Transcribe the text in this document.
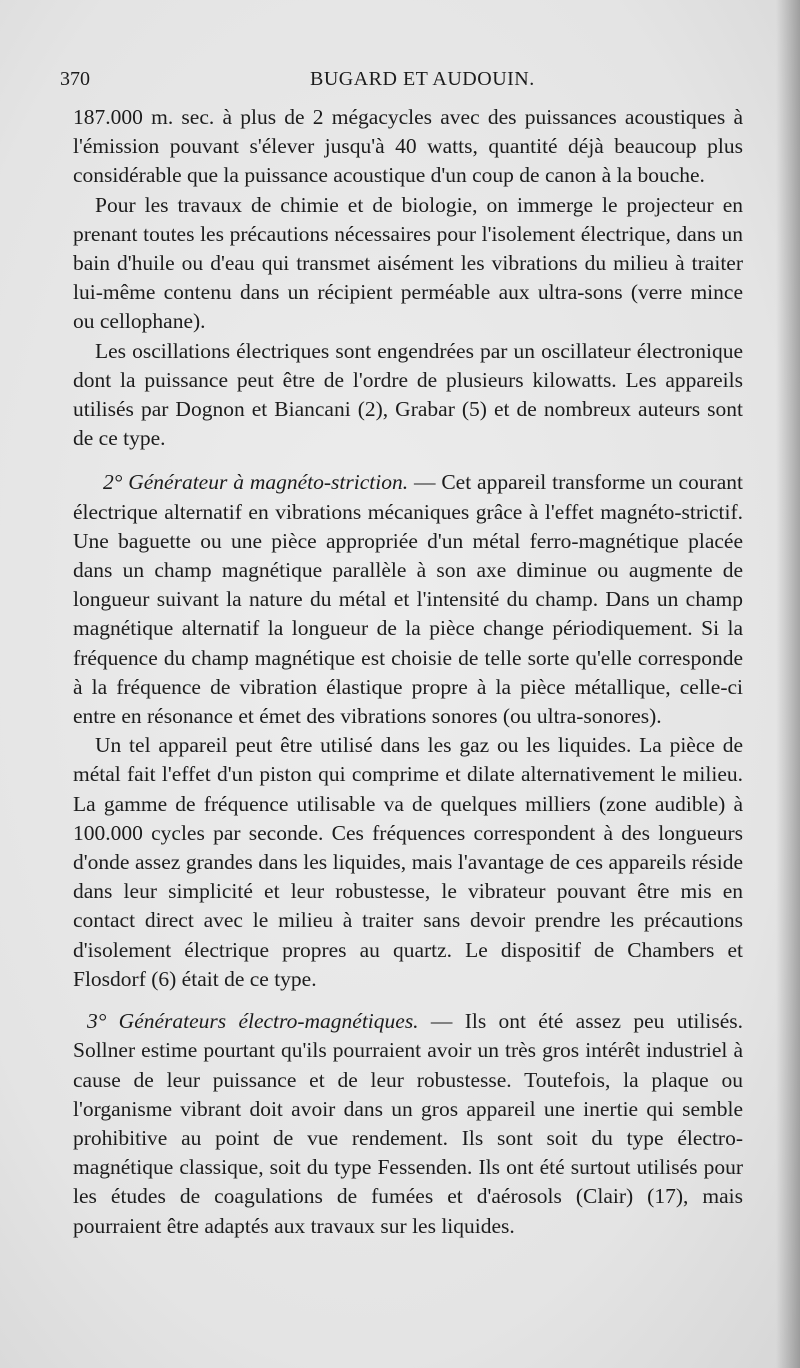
370	BUGARD ET AUDOUIN.

187.000 m. sec. à plus de 2 mégacycles avec des puissances acoustiques à l'émission pouvant s'élever jusqu'à 40 watts, quantité déjà beaucoup plus considérable que la puissance acoustique d'un coup de canon à la bouche.

Pour les travaux de chimie et de biologie, on immerge le projecteur en prenant toutes les précautions nécessaires pour l'isolement électrique, dans un bain d'huile ou d'eau qui transmet aisément les vibrations du milieu à traiter lui-même contenu dans un récipient perméable aux ultra-sons (verre mince ou cellophane).

Les oscillations électriques sont engendrées par un oscillateur électronique dont la puissance peut être de l'ordre de plusieurs kilowatts. Les appareils utilisés par Dognon et Biancani (2), Grabar (5) et de nombreux auteurs sont de ce type.

2° Générateur à magnéto-striction. — Cet appareil transforme un courant électrique alternatif en vibrations mécaniques grâce à l'effet magnéto-strictif. Une baguette ou une pièce appropriée d'un métal ferro-magnétique placée dans un champ magnétique parallèle à son axe diminue ou augmente de longueur suivant la nature du métal et l'intensité du champ. Dans un champ magnétique alternatif la longueur de la pièce change périodiquement. Si la fréquence du champ magnétique est choisie de telle sorte qu'elle corresponde à la fréquence de vibration élastique propre à la pièce métallique, celle-ci entre en résonance et émet des vibrations sonores (ou ultra-sonores).

Un tel appareil peut être utilisé dans les gaz ou les liquides. La pièce de métal fait l'effet d'un piston qui comprime et dilate alternativement le milieu. La gamme de fréquence utilisable va de quelques milliers (zone audible) à 100.000 cycles par seconde. Ces fréquences correspondent à des longueurs d'onde assez grandes dans les liquides, mais l'avantage de ces appareils réside dans leur simplicité et leur robustesse, le vibrateur pouvant être mis en contact direct avec le milieu à traiter sans devoir prendre les précautions d'isolement électrique propres au quartz. Le dispositif de Chambers et Flosdorf (6) était de ce type.

3° Générateurs électro-magnétiques. — Ils ont été assez peu utilisés. Sollner estime pourtant qu'ils pourraient avoir un très gros intérêt industriel à cause de leur puissance et de leur robustesse. Toutefois, la plaque ou l'organisme vibrant doit avoir dans un gros appareil une inertie qui semble prohibitive au point de vue rendement. Ils sont soit du type électro-magnétique classique, soit du type Fessenden. Ils ont été surtout utilisés pour les études de coagulations de fumées et d'aérosols (Clair) (17), mais pourraient être adaptés aux travaux sur les liquides.
